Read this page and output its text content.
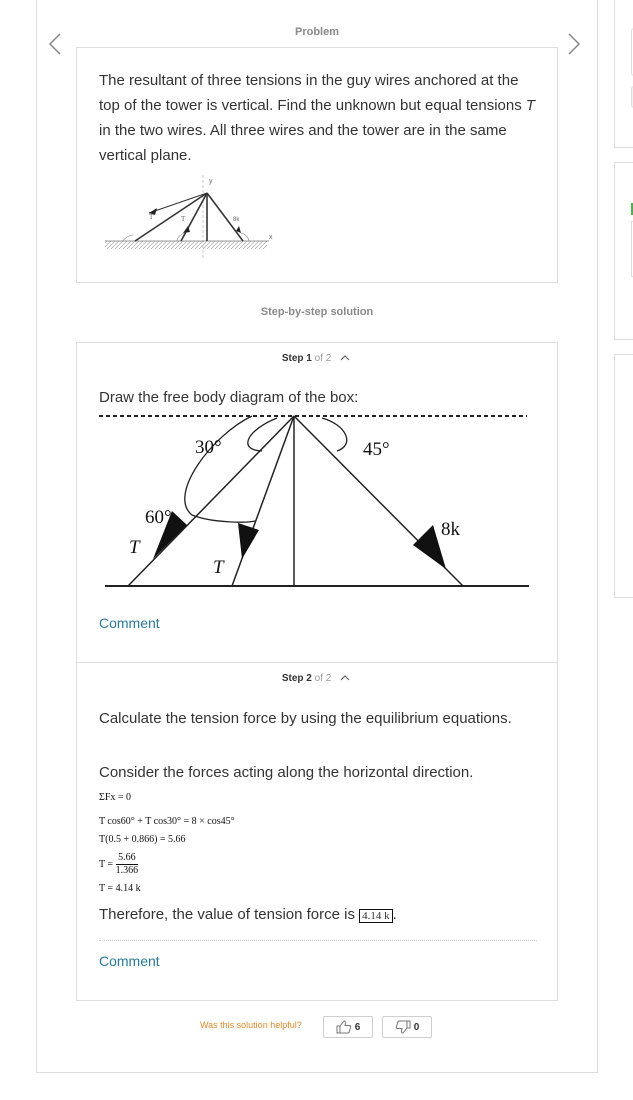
Problem
The resultant of three tensions in the guy wires anchored at the top of the tower is vertical. Find the unknown but equal tensions T in the two wires. All three wires and the tower are in the same vertical plane.
y
T	T	8k
x
Step-by-step solution
Step 1 of 2
Draw the free body diagram of the box:
30°	45°
60°
T
T
8k
Comment
Step 2 of 2
Calculate the tension force by using the equilibrium equations.
Consider the forces acting along the horizontal direction.
ΣFx = 0
T cos60° + T cos30° = 8 × cos45°
T(0.5 + 0.866) = 5.66
$T = \frac{5.66}{1.366}$
T = 4.14 k
Therefore, the value of tension force is 4.14 k .
Comment
Was this solution helpful?	6	0
